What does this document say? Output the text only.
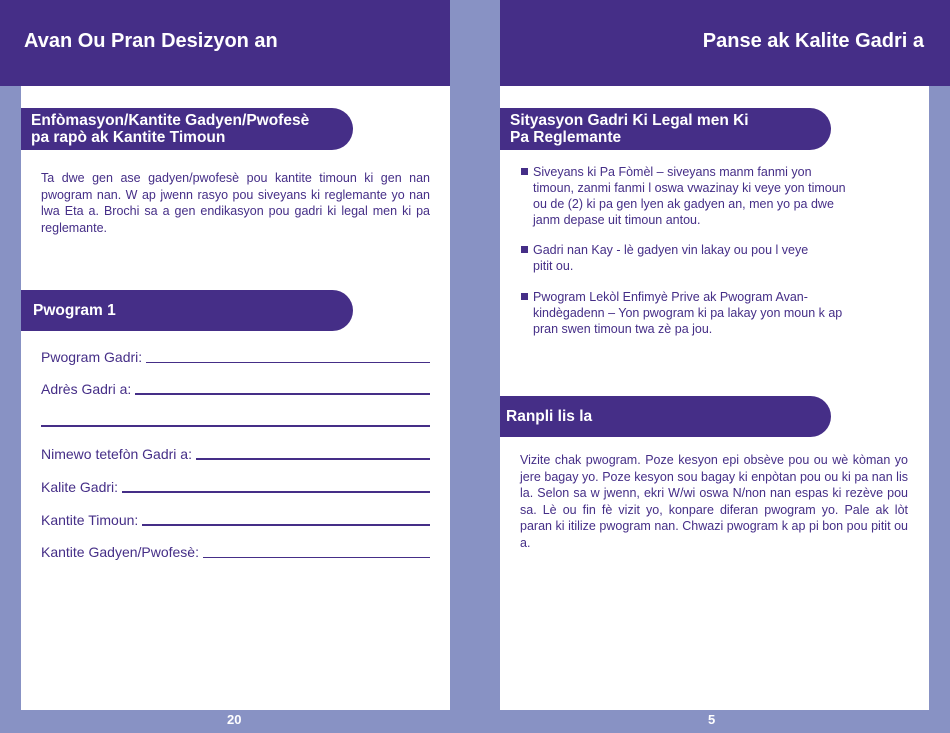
Avan Ou Pran Desizyon an	Panse ak Kalite Gadri a
Enfòmasyon/Kantite Gadyen/Pwofesè
pa rapò ak Kantite Timoun
Ta dwe gen ase gadyen/pwofesè pou kantite timoun ki gen nan pwogram nan. W ap jwenn rasyo pou siveyans ki reglemante yo nan lwa Eta a. Brochi sa a gen endikasyon pou gadri ki legal men ki pa reglemante.
Pwogram 1
Pwogram Gadri:
Adrès Gadri a:
Nimewo tetefòn Gadri a:
Kalite Gadri:
Kantite Timoun:
Kantite Gadyen/Pwofesè:
20
Sityasyon Gadri Ki Legal men Ki
Pa Reglemante
Siveyans ki Pa Fòmèl – siveyans manm fanmi yon
timoun, zanmi fanmi l oswa vwazinay ki veye yon timoun
ou de (2) ki pa gen lyen ak gadyen an, men yo pa dwe
janm depase uit timoun antou.
Gadri nan Kay - lè gadyen vin lakay ou pou l veye
pitit ou.
Pwogram Lekòl Enfimyè Prive ak Pwogram Avan-
kindègadenn – Yon pwogram ki pa lakay yon moun k ap
pran swen timoun twa zè pa jou.
Ranpli lis la
Vizite chak pwogram. Poze kesyon epi obsève pou ou wè kòman yo jere bagay yo. Poze kesyon sou bagay ki enpòtan pou ou ki pa nan lis la. Selon sa w jwenn, ekri W/wi oswa N/non nan espas ki rezève pou sa. Lè ou fin fè vizit yo, konpare diferan pwogram yo. Pale ak lòt paran ki itilize pwogram nan. Chwazi pwogram k ap pi bon pou pitit ou a.
5
